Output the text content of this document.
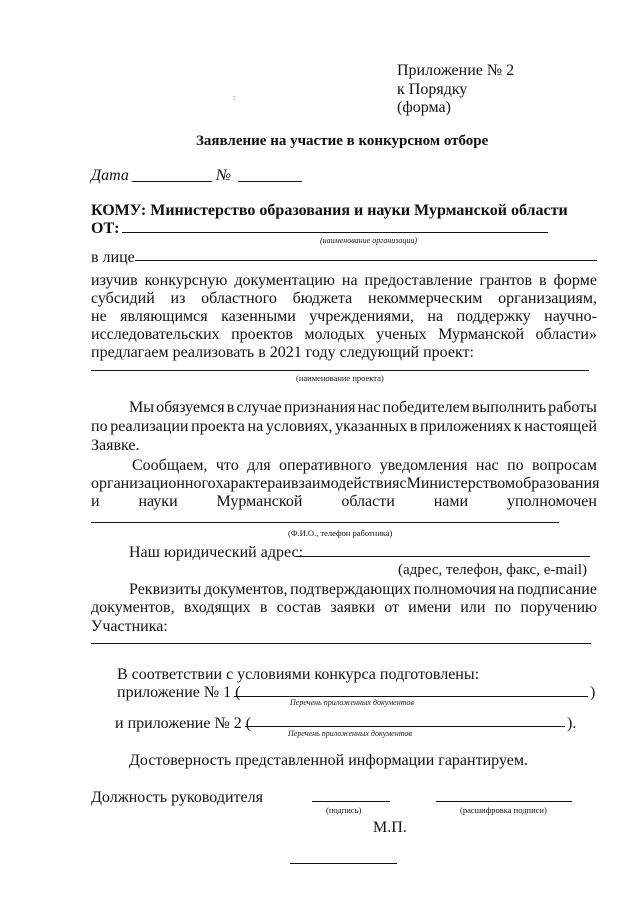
Приложение № 2
к Порядку
(форма)
:
Заявление на участие в конкурсном отборе
Дата	№
КОМУ: Министерство образования и науки Мурманской области
ОТ:
(наименование организации)
в лице
изучив конкурсную документацию на предоставление грантов в форме
субсидий из областного бюджета некоммерческим организациям,
не являющимся казенными учреждениями, на поддержку научно-
исследовательских проектов молодых ученых Мурманской области»
предлагаем реализовать в 2021 году следующий проект:
(наименование проекта)
Мы обязуемся в случае признания нас победителем выполнить работы
по реализации проекта на условиях, указанных в приложениях к настоящей
Заявке.
Сообщаем, что для оперативного уведомления нас по вопросам
организационного характера и взаимодействия с Министерством образования
и науки Мурманской области нами уполномочен
(Ф.И.О., телефон работника)
Наш юридический адрес:
(адрес, телефон, факс, e-mail)
Реквизиты документов, подтверждающих полномочия на подписание
документов, входящих в состав заявки от имени или по поручению
Участника:
В соответствии с условиями конкурса подготовлены:
приложение № 1 (	)
Перечень приложенных документов
и приложение № 2 (	).
Перечень приложенных документов
Достоверность представленной информации гарантируем.
Должность руководителя
(подпись)	(расшифровка подписи)
М.П.
